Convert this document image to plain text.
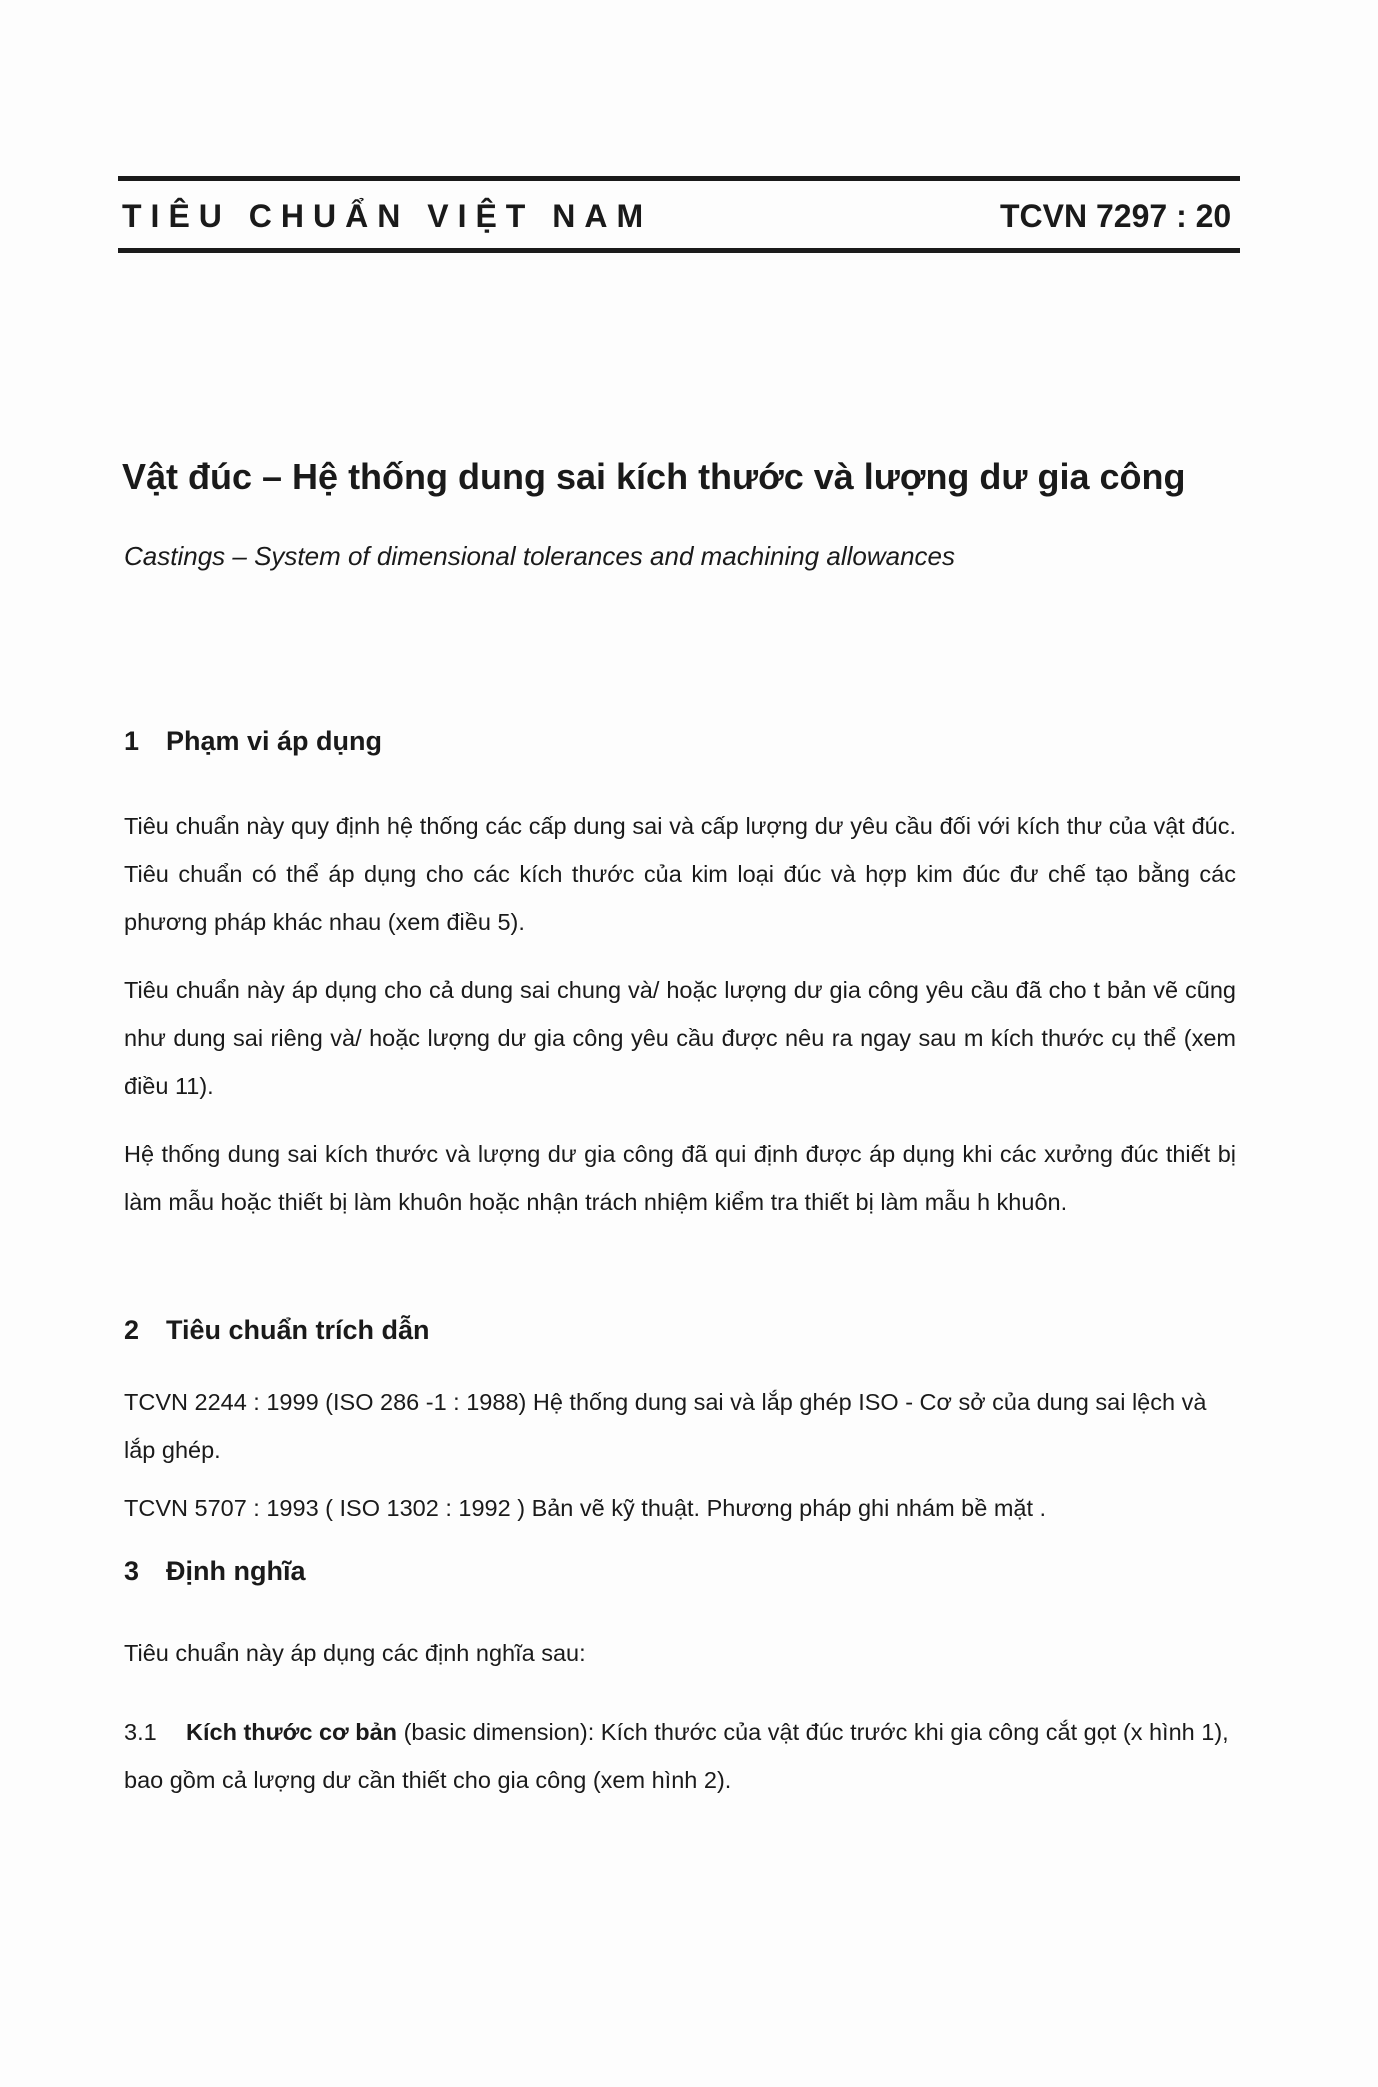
TIÊU CHUẨN VIỆT NAM	TCVN 7297 : 20
Vật đúc – Hệ thống dung sai kích thước và lượng dư gia công
Castings – System of dimensional tolerances and machining allowances
1 Phạm vi áp dụng
Tiêu chuẩn này quy định hệ thống các cấp dung sai và cấp lượng dư yêu cầu đối với kích thư của vật đúc. Tiêu chuẩn có thể áp dụng cho các kích thước của kim loại đúc và hợp kim đúc đư chế tạo bằng các phương pháp khác nhau (xem điều 5).
Tiêu chuẩn này áp dụng cho cả dung sai chung và/ hoặc lượng dư gia công yêu cầu đã cho t bản vẽ cũng như dung sai riêng và/ hoặc lượng dư gia công yêu cầu được nêu ra ngay sau m kích thước cụ thể (xem điều 11).
Hệ thống dung sai kích thước và lượng dư gia công đã qui định được áp dụng khi các xưởng đúc thiết bị làm mẫu hoặc thiết bị làm khuôn hoặc nhận trách nhiệm kiểm tra thiết bị làm mẫu h khuôn.
2 Tiêu chuẩn trích dẫn
TCVN 2244 : 1999 (ISO 286 -1 : 1988) Hệ thống dung sai và lắp ghép ISO - Cơ sở của dung sai lệch và lắp ghép.
TCVN 5707 : 1993 ( ISO 1302 : 1992 ) Bản vẽ kỹ thuật. Phương pháp ghi nhám bề mặt .
3 Định nghĩa
Tiêu chuẩn này áp dụng các định nghĩa sau:
3.1 Kích thước cơ bản (basic dimension): Kích thước của vật đúc trước khi gia công cắt gọt (x hình 1), bao gồm cả lượng dư cần thiết cho gia công (xem hình 2).
